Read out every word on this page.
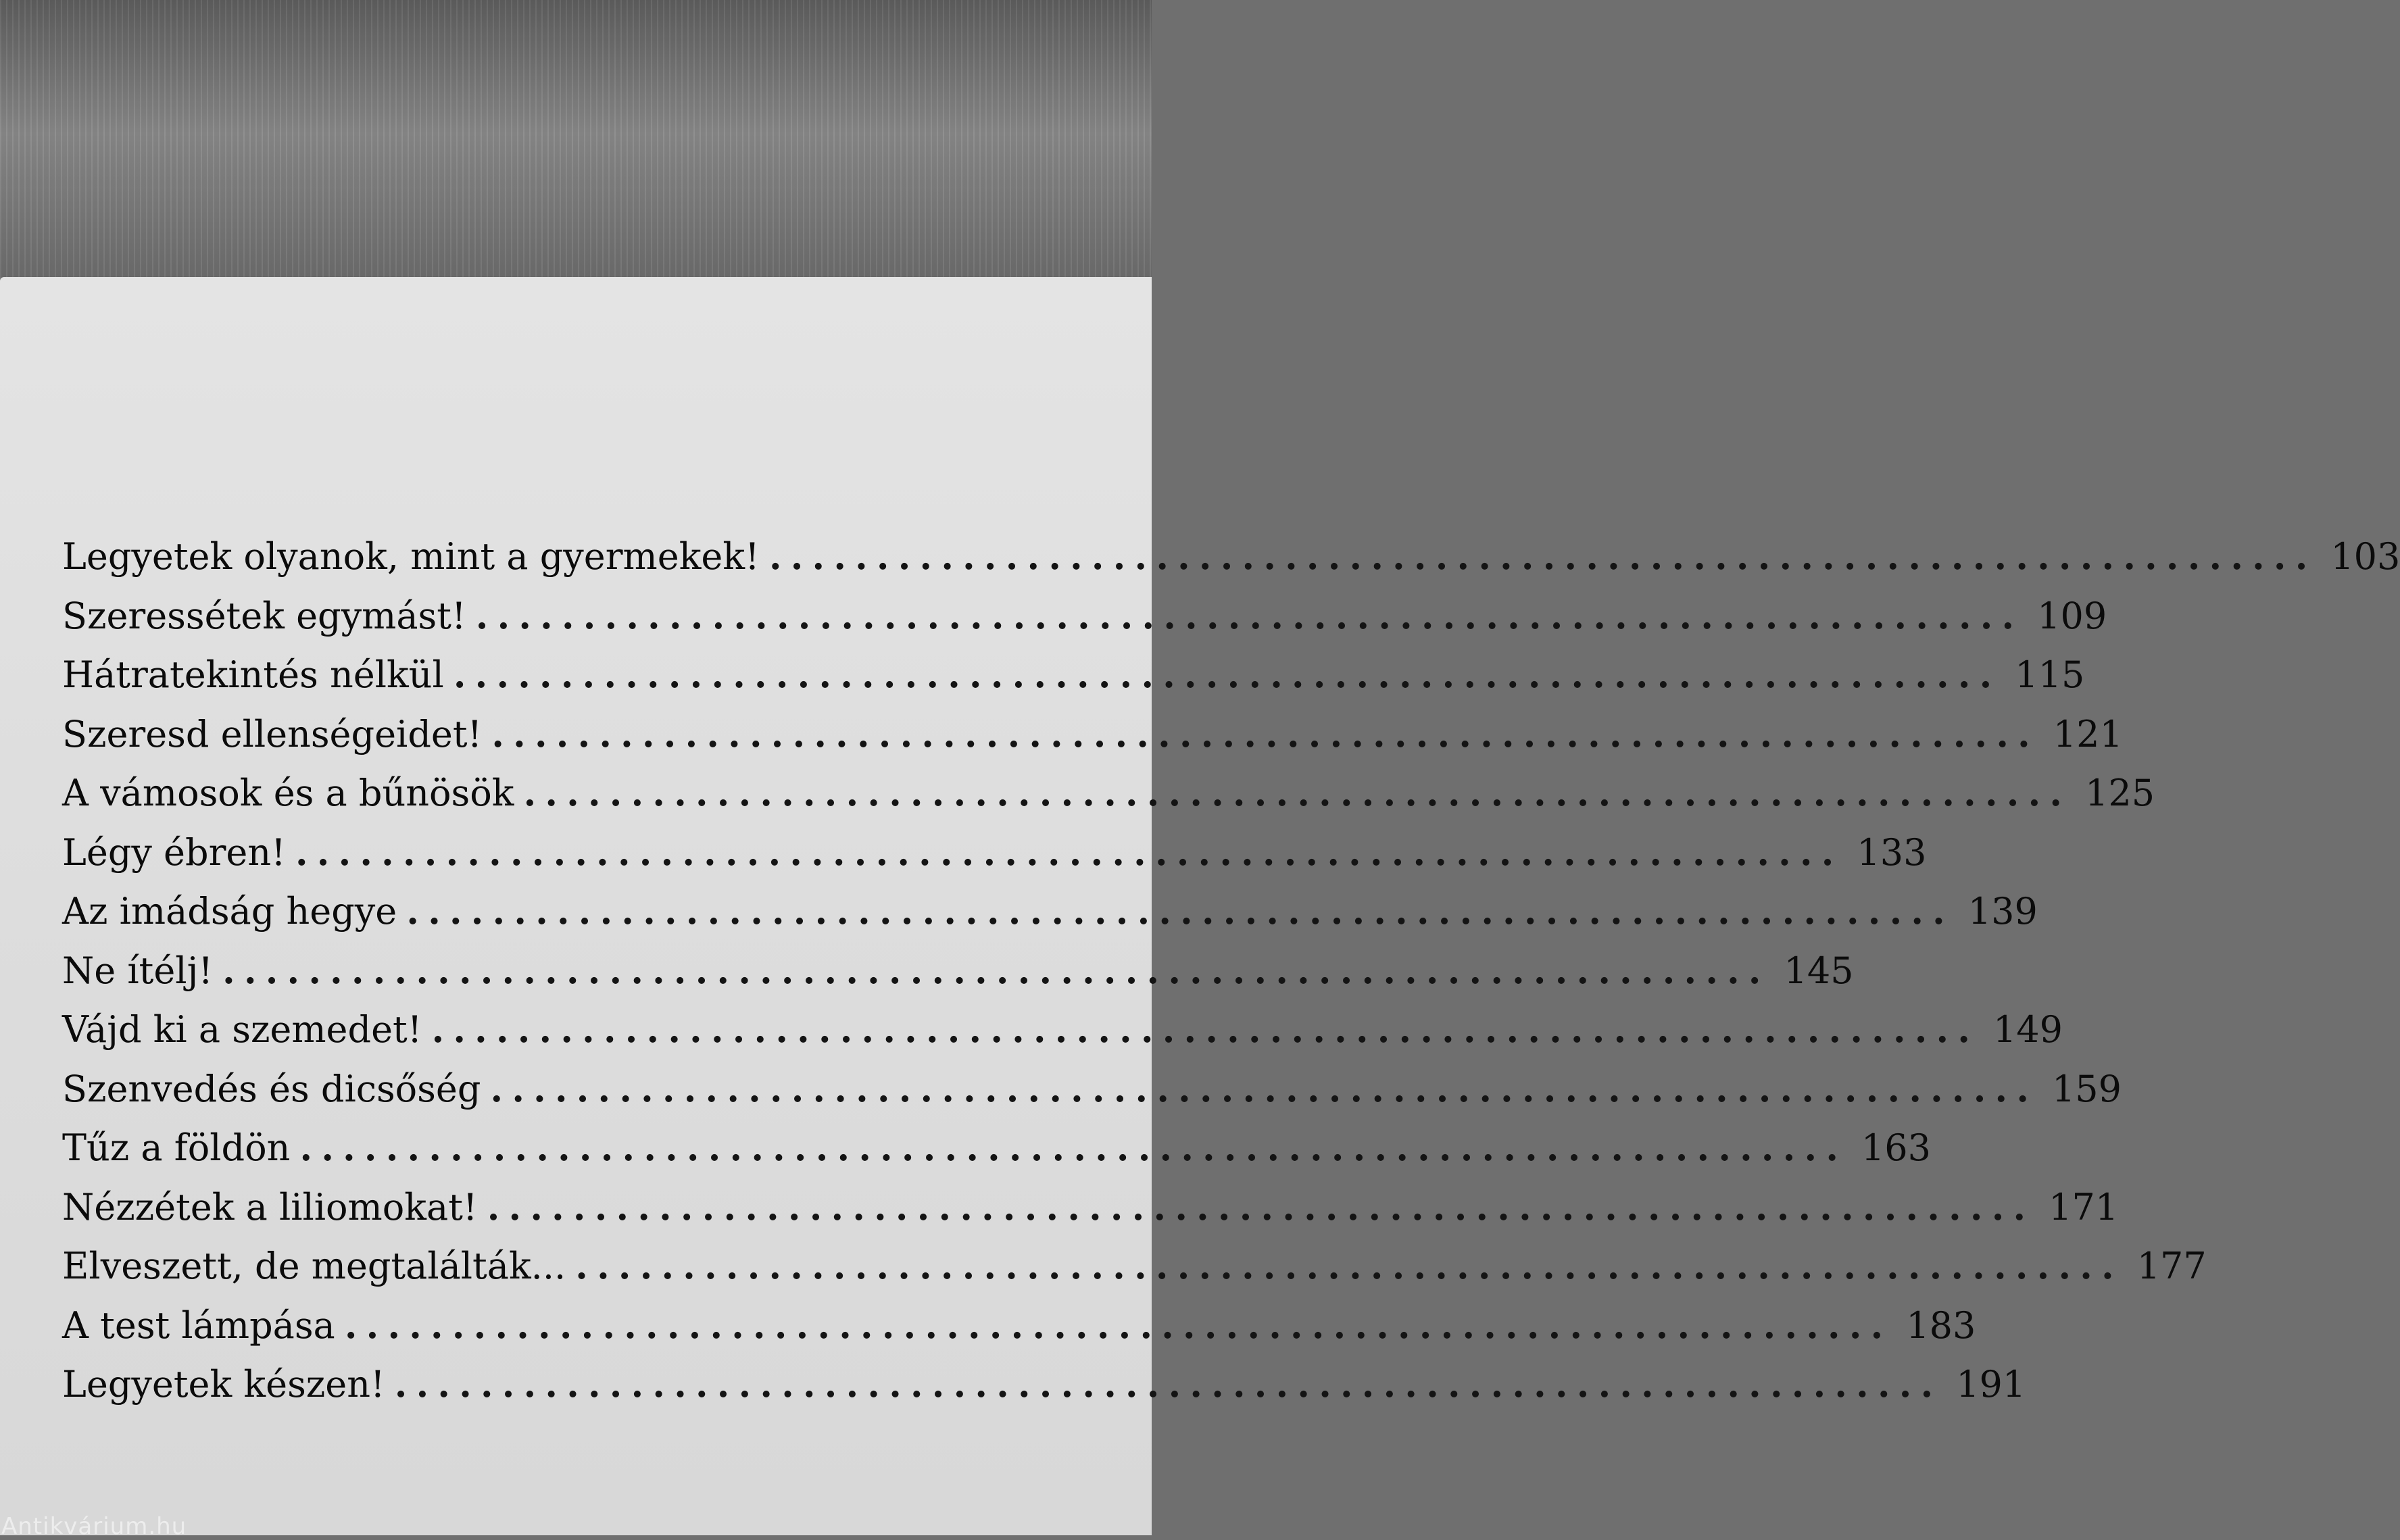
Legyetek olyanok, mint a gyermekek! ........................................................................ 103
Szeressétek egymást! ........................................................................ 109
Hátratekintés nélkül ........................................................................ 115
Szeresd ellenségeidet! ........................................................................ 121
A vámosok és a bűnösök ........................................................................ 125
Légy ébren! ........................................................................ 133
Az imádság hegye ........................................................................ 139
Ne ítélj! ........................................................................ 145
Vájd ki a szemedet! ........................................................................ 149
Szenvedés és dicsőség ........................................................................ 159
Tűz a földön ........................................................................ 163
Nézzétek a liliomokat! ........................................................................ 171
Elveszett, de megtalálták... ........................................................................ 177
A test lámpása ........................................................................ 183
Legyetek készen! ........................................................................ 191
Antikvárium.hu
